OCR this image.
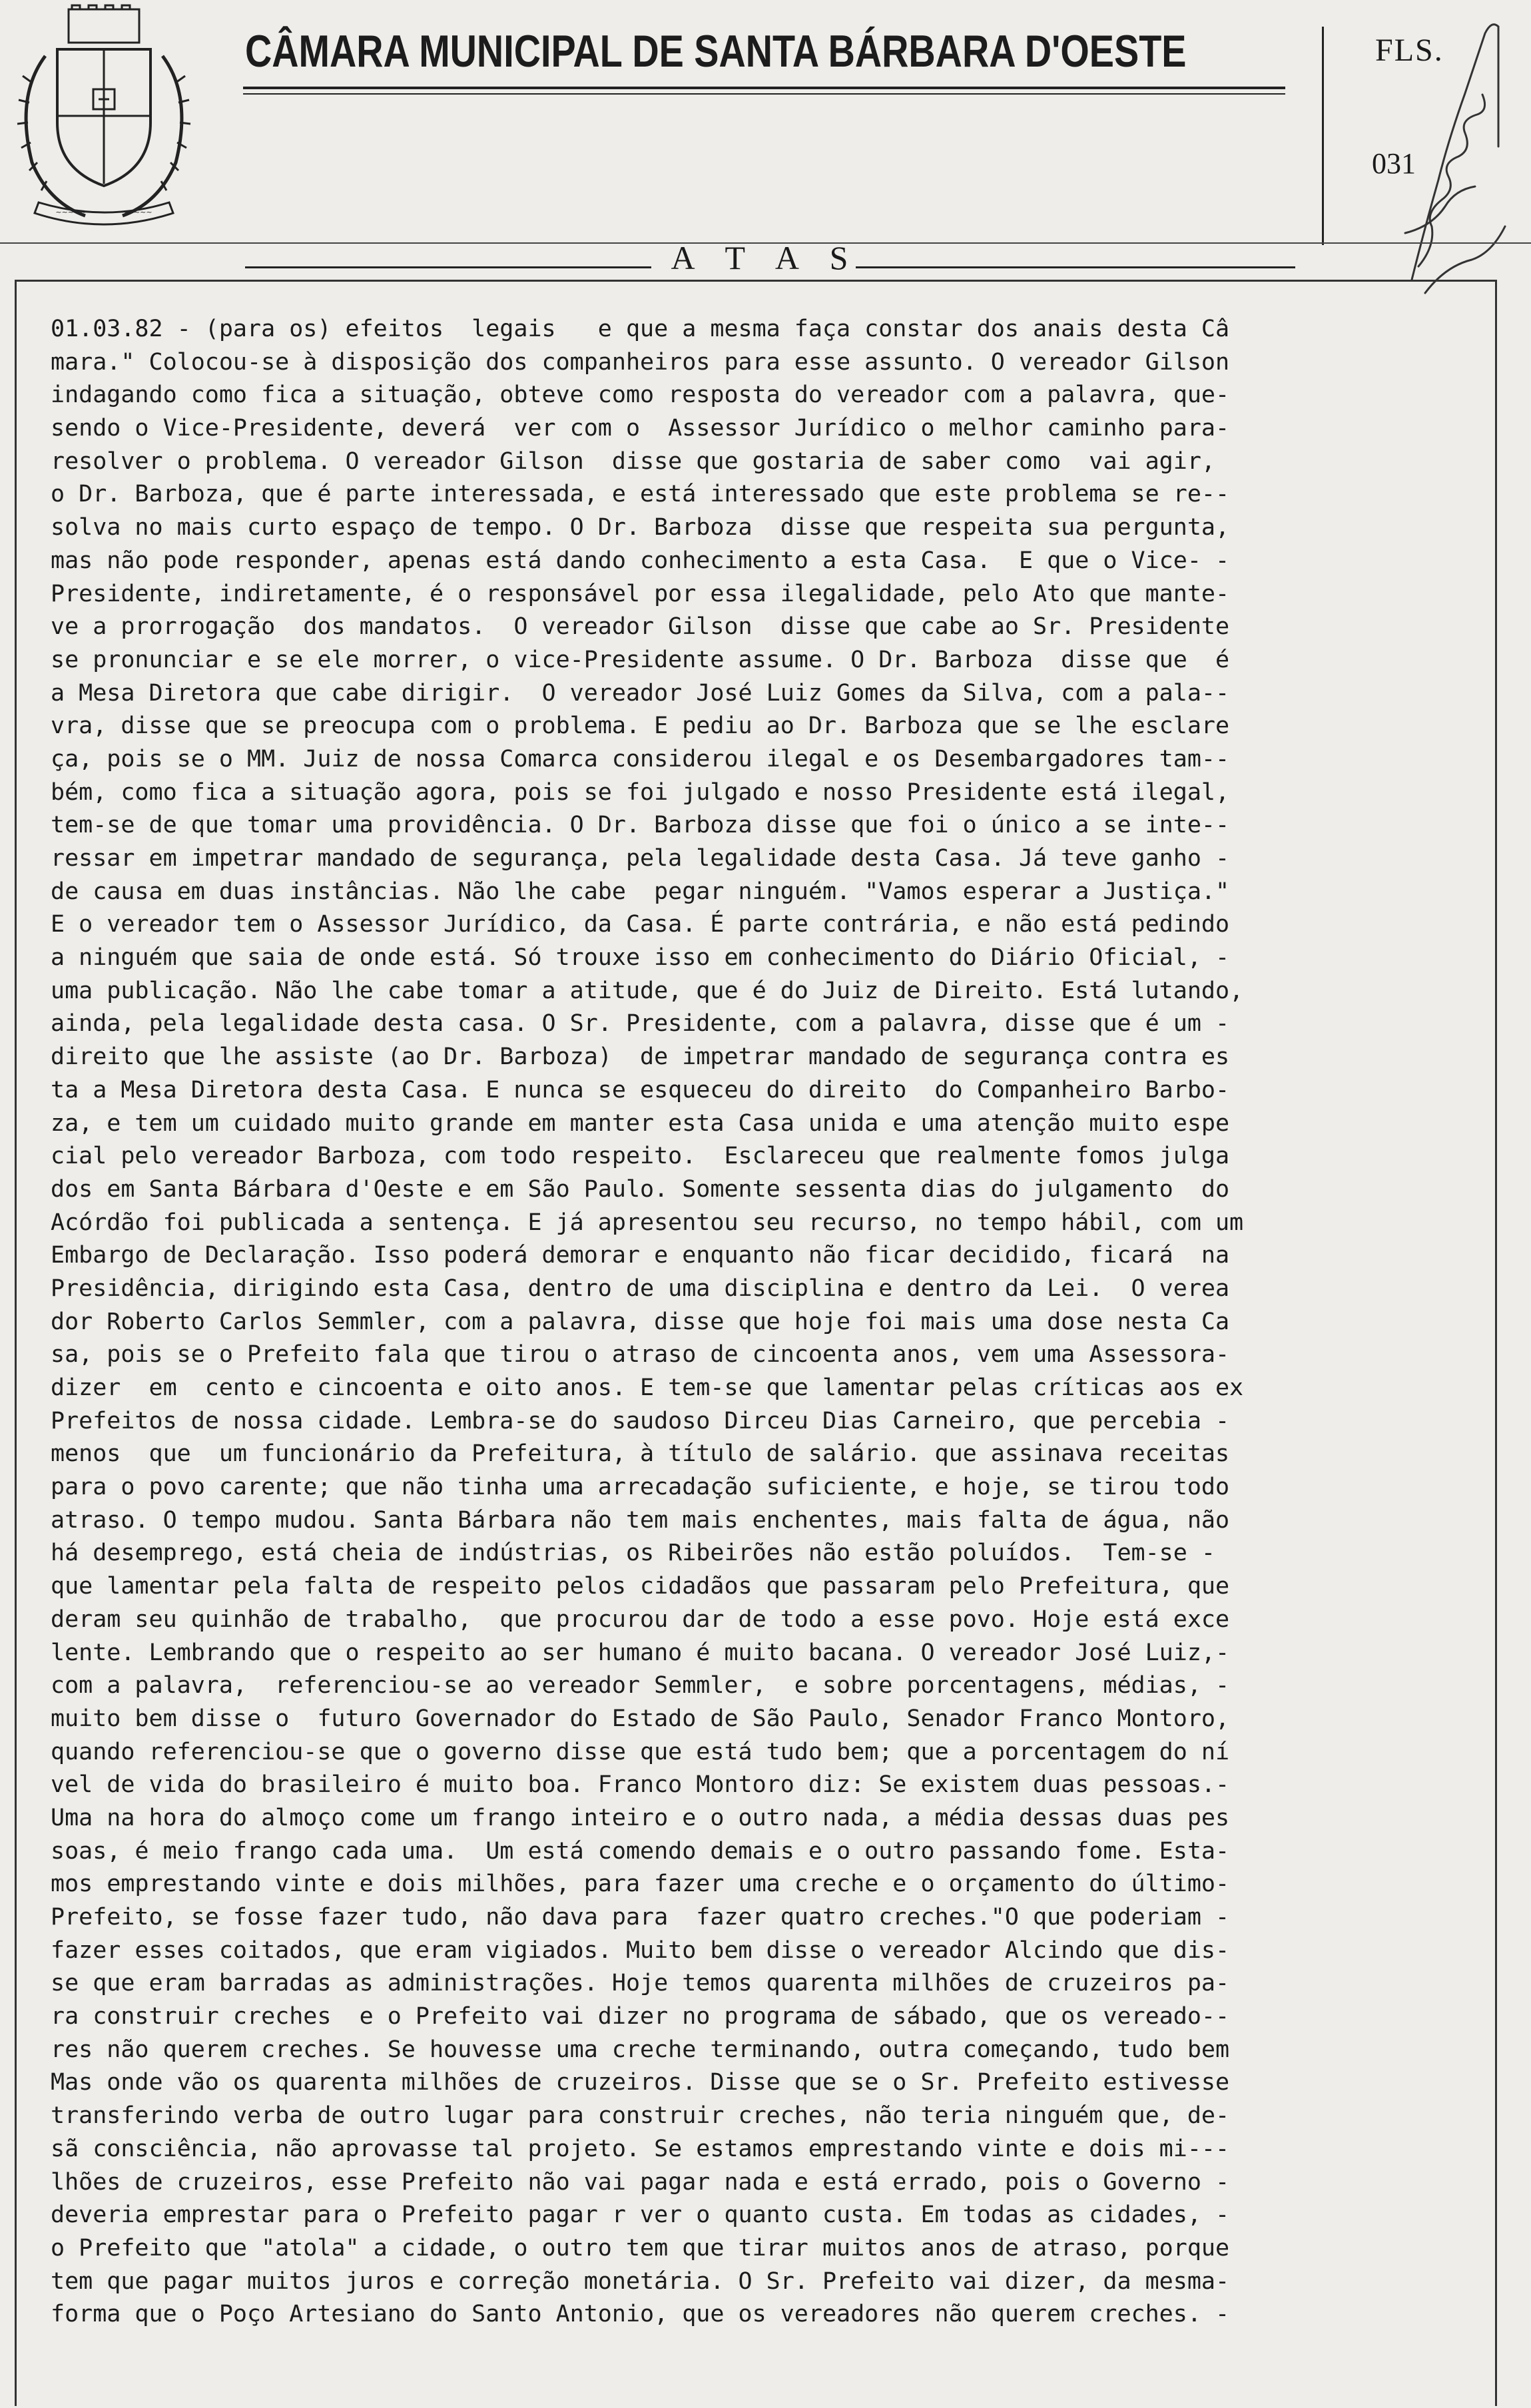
~~~~~ ~~~~~ ~~~~~
CÂMARA MUNICIPAL DE SANTA BÁRBARA D'OESTE	FLS.
031
A T A S
01.03.82 - (para os) efeitos  legais   e que a mesma faça constar dos anais desta Câ
mara." Colocou-se à disposição dos companheiros para esse assunto. O vereador Gilson
indagando como fica a situação, obteve como resposta do vereador com a palavra, que-
sendo o Vice-Presidente, deverá  ver com o  Assessor Jurídico o melhor caminho para-
resolver o problema. O vereador Gilson  disse que gostaria de saber como  vai agir,
o Dr. Barboza, que é parte interessada, e está interessado que este problema se re--
solva no mais curto espaço de tempo. O Dr. Barboza  disse que respeita sua pergunta,
mas não pode responder, apenas está dando conhecimento a esta Casa.  E que o Vice- -
Presidente, indiretamente, é o responsável por essa ilegalidade, pelo Ato que mante-
ve a prorrogação  dos mandatos.  O vereador Gilson  disse que cabe ao Sr. Presidente
se pronunciar e se ele morrer, o vice-Presidente assume. O Dr. Barboza  disse que  é
a Mesa Diretora que cabe dirigir.  O vereador José Luiz Gomes da Silva, com a pala--
vra, disse que se preocupa com o problema. E pediu ao Dr. Barboza que se lhe esclare
ça, pois se o MM. Juiz de nossa Comarca considerou ilegal e os Desembargadores tam--
bém, como fica a situação agora, pois se foi julgado e nosso Presidente está ilegal,
tem-se de que tomar uma providência. O Dr. Barboza disse que foi o único a se inte--
ressar em impetrar mandado de segurança, pela legalidade desta Casa. Já teve ganho -
de causa em duas instâncias. Não lhe cabe  pegar ninguém. "Vamos esperar a Justiça."
E o vereador tem o Assessor Jurídico, da Casa. É parte contrária, e não está pedindo
a ninguém que saia de onde está. Só trouxe isso em conhecimento do Diário Oficial, -
uma publicação. Não lhe cabe tomar a atitude, que é do Juiz de Direito. Está lutando,
ainda, pela legalidade desta casa. O Sr. Presidente, com a palavra, disse que é um -
direito que lhe assiste (ao Dr. Barboza)  de impetrar mandado de segurança contra es
ta a Mesa Diretora desta Casa. E nunca se esqueceu do direito  do Companheiro Barbo-
za, e tem um cuidado muito grande em manter esta Casa unida e uma atenção muito espe
cial pelo vereador Barboza, com todo respeito.  Esclareceu que realmente fomos julga
dos em Santa Bárbara d'Oeste e em São Paulo. Somente sessenta dias do julgamento  do
Acórdão foi publicada a sentença. E já apresentou seu recurso, no tempo hábil, com um
Embargo de Declaração. Isso poderá demorar e enquanto não ficar decidido, ficará  na
Presidência, dirigindo esta Casa, dentro de uma disciplina e dentro da Lei.  O verea
dor Roberto Carlos Semmler, com a palavra, disse que hoje foi mais uma dose nesta Ca
sa, pois se o Prefeito fala que tirou o atraso de cincoenta anos, vem uma Assessora-
dizer  em  cento e cincoenta e oito anos. E tem-se que lamentar pelas críticas aos ex
Prefeitos de nossa cidade. Lembra-se do saudoso Dirceu Dias Carneiro, que percebia -
menos  que  um funcionário da Prefeitura, à título de salário. que assinava receitas
para o povo carente; que não tinha uma arrecadação suficiente, e hoje, se tirou todo
atraso. O tempo mudou. Santa Bárbara não tem mais enchentes, mais falta de água, não
há desemprego, está cheia de indústrias, os Ribeirões não estão poluídos.  Tem-se -
que lamentar pela falta de respeito pelos cidadãos que passaram pelo Prefeitura, que
deram seu quinhão de trabalho,  que procurou dar de todo a esse povo. Hoje está exce
lente. Lembrando que o respeito ao ser humano é muito bacana. O vereador José Luiz,-
com a palavra,  referenciou-se ao vereador Semmler,  e sobre porcentagens, médias, -
muito bem disse o  futuro Governador do Estado de São Paulo, Senador Franco Montoro,
quando referenciou-se que o governo disse que está tudo bem; que a porcentagem do ní
vel de vida do brasileiro é muito boa. Franco Montoro diz: Se existem duas pessoas.-
Uma na hora do almoço come um frango inteiro e o outro nada, a média dessas duas pes
soas, é meio frango cada uma.  Um está comendo demais e o outro passando fome. Esta-
mos emprestando vinte e dois milhões, para fazer uma creche e o orçamento do último-
Prefeito, se fosse fazer tudo, não dava para  fazer quatro creches."O que poderiam -
fazer esses coitados, que eram vigiados. Muito bem disse o vereador Alcindo que dis-
se que eram barradas as administrações. Hoje temos quarenta milhões de cruzeiros pa-
ra construir creches  e o Prefeito vai dizer no programa de sábado, que os vereado--
res não querem creches. Se houvesse uma creche terminando, outra começando, tudo bem
Mas onde vão os quarenta milhões de cruzeiros. Disse que se o Sr. Prefeito estivesse
transferindo verba de outro lugar para construir creches, não teria ninguém que, de-
sã consciência, não aprovasse tal projeto. Se estamos emprestando vinte e dois mi---
lhões de cruzeiros, esse Prefeito não vai pagar nada e está errado, pois o Governo -
deveria emprestar para o Prefeito pagar r ver o quanto custa. Em todas as cidades, -
o Prefeito que "atola" a cidade, o outro tem que tirar muitos anos de atraso, porque
tem que pagar muitos juros e correção monetária. O Sr. Prefeito vai dizer, da mesma-
forma que o Poço Artesiano do Santo Antonio, que os vereadores não querem creches. -
